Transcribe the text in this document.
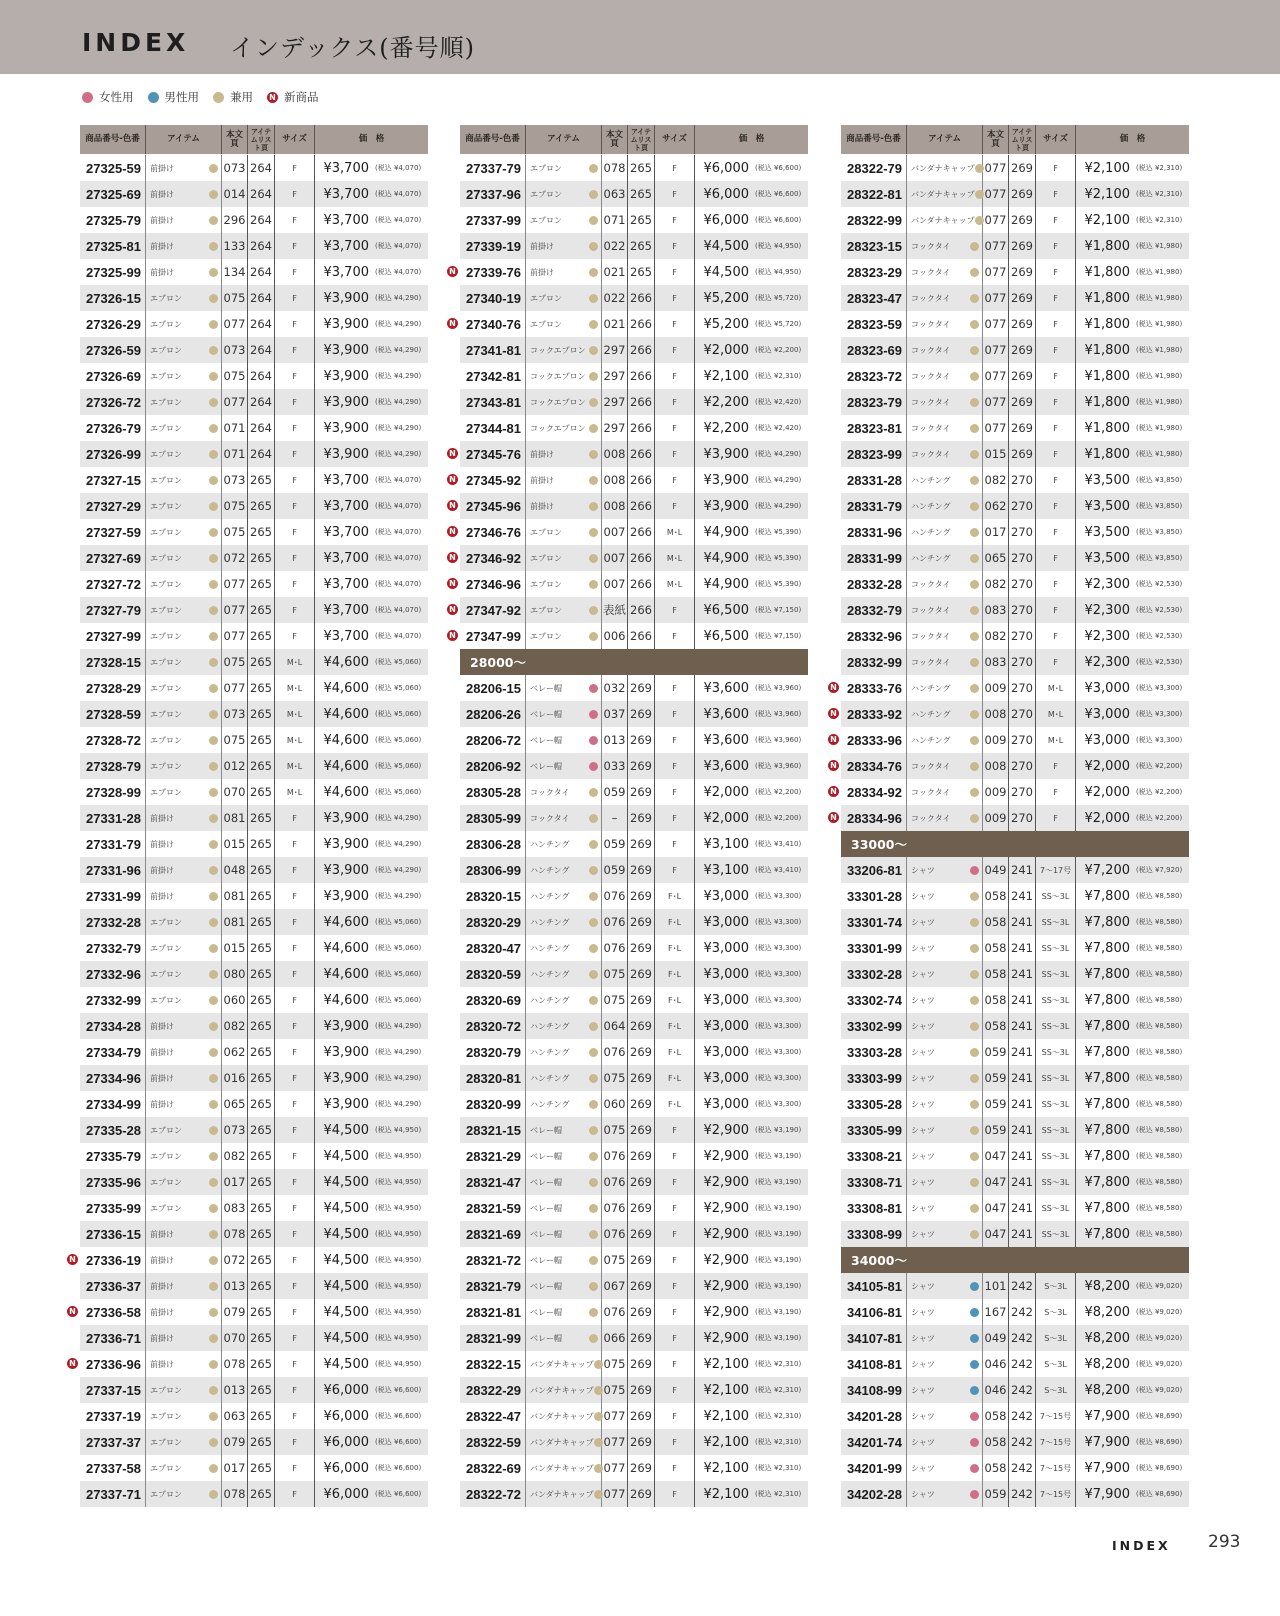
INDEX インデックス(番号順)
女性用	男性用	兼用 N 新商品
商品番号-色番	アイテム	本文頁
アイテムリスト頁
サイズ	価　格
27325-59	前掛け	073 264	F	¥3,700 (税込 ¥4,070)
27325-69	前掛け	014 264	F	¥3,700 (税込 ¥4,070)
27325-79	前掛け	296 264	F	¥3,700 (税込 ¥4,070)
27325-81	前掛け	133 264	F	¥3,700 (税込 ¥4,070)
27325-99	前掛け	134 264	F	¥3,700 (税込 ¥4,070)
27326-15	エプロン	075 264	F	¥3,900 (税込 ¥4,290)
27326-29	エプロン	077 264	F	¥3,900 (税込 ¥4,290)
27326-59	エプロン	073 264	F	¥3,900 (税込 ¥4,290)
27326-69	エプロン	075 264	F	¥3,900 (税込 ¥4,290)
27326-72	エプロン	077 264	F	¥3,900 (税込 ¥4,290)
27326-79	エプロン	071 264	F	¥3,900 (税込 ¥4,290)
27326-99	エプロン	071 264	F	¥3,900 (税込 ¥4,290)
27327-15	エプロン	073 265	F	¥3,700 (税込 ¥4,070)
27327-29	エプロン	075 265	F	¥3,700 (税込 ¥4,070)
27327-59	エプロン	075 265	F	¥3,700 (税込 ¥4,070)
27327-69	エプロン	072 265	F	¥3,700 (税込 ¥4,070)
27327-72	エプロン	077 265	F	¥3,700 (税込 ¥4,070)
27327-79	エプロン	077 265	F	¥3,700 (税込 ¥4,070)
27327-99	エプロン	077 265	F	¥3,700 (税込 ¥4,070)
27328-15	エプロン	075 265	M･L	¥4,600 (税込 ¥5,060)
27328-29	エプロン	077 265	M･L	¥4,600 (税込 ¥5,060)
27328-59	エプロン	073 265	M･L	¥4,600 (税込 ¥5,060)
27328-72	エプロン	075 265	M･L	¥4,600 (税込 ¥5,060)
27328-79	エプロン	012 265	M･L	¥4,600 (税込 ¥5,060)
27328-99	エプロン	070 265	M･L	¥4,600 (税込 ¥5,060)
27331-28	前掛け	081 265	F	¥3,900 (税込 ¥4,290)
27331-79	前掛け	015 265	F	¥3,900 (税込 ¥4,290)
27331-96	前掛け	048 265	F	¥3,900 (税込 ¥4,290)
27331-99	前掛け	081 265	F	¥3,900 (税込 ¥4,290)
27332-28	エプロン	081 265	F	¥4,600 (税込 ¥5,060)
27332-79	エプロン	015 265	F	¥4,600 (税込 ¥5,060)
27332-96	エプロン	080 265	F	¥4,600 (税込 ¥5,060)
27332-99	エプロン	060 265	F	¥4,600 (税込 ¥5,060)
27334-28	前掛け	082 265	F	¥3,900 (税込 ¥4,290)
27334-79	前掛け	062 265	F	¥3,900 (税込 ¥4,290)
27334-96	前掛け	016 265	F	¥3,900 (税込 ¥4,290)
27334-99	前掛け	065 265	F	¥3,900 (税込 ¥4,290)
27335-28	エプロン	073 265	F	¥4,500 (税込 ¥4,950)
27335-79	エプロン	082 265	F	¥4,500 (税込 ¥4,950)
27335-96	エプロン	017 265	F	¥4,500 (税込 ¥4,950)
27335-99	エプロン	083 265	F	¥4,500 (税込 ¥4,950)
27336-15	前掛け	078 265	F	¥4,500 (税込 ¥4,950)
N 27336-19	前掛け	072 265	F	¥4,500 (税込 ¥4,950)
27336-37	前掛け	013 265	F	¥4,500 (税込 ¥4,950)
N 27336-58	前掛け	079 265	F	¥4,500 (税込 ¥4,950)
27336-71	前掛け	070 265	F	¥4,500 (税込 ¥4,950)
N 27336-96	前掛け	078 265	F	¥4,500 (税込 ¥4,950)
27337-15	エプロン	013 265	F	¥6,000 (税込 ¥6,600)
27337-19	エプロン	063 265	F	¥6,000 (税込 ¥6,600)
27337-37	エプロン	079 265	F	¥6,000 (税込 ¥6,600)
27337-58	エプロン	017 265	F	¥6,000 (税込 ¥6,600)
27337-71	エプロン	078 265	F	¥6,000 (税込 ¥6,600)
商品番号-色番	アイテム	本文頁
アイテムリスト頁
サイズ	価　格
27337-79	エプロン	078 265	F	¥6,000 (税込 ¥6,600)
27337-96	エプロン	063 265	F	¥6,000 (税込 ¥6,600)
27337-99	エプロン	071 265	F	¥6,000 (税込 ¥6,600)
27339-19	前掛け	022 265	F	¥4,500 (税込 ¥4,950)
N 27339-76	前掛け	021 265	F	¥4,500 (税込 ¥4,950)
27340-19	エプロン	022 266	F	¥5,200 (税込 ¥5,720)
N 27340-76	エプロン	021 266	F	¥5,200 (税込 ¥5,720)
27341-81	コックエプロン 297 266	F	¥2,000 (税込 ¥2,200)
27342-81	コックエプロン 297 266	F	¥2,100 (税込 ¥2,310)
27343-81	コックエプロン 297 266	F	¥2,200 (税込 ¥2,420)
27344-81	コックエプロン 297 266	F	¥2,200 (税込 ¥2,420)
N 27345-76	前掛け	008 266	F	¥3,900 (税込 ¥4,290)
N 27345-92	前掛け	008 266	F	¥3,900 (税込 ¥4,290)
N 27345-96	前掛け	008 266	F	¥3,900 (税込 ¥4,290)
N 27346-76	エプロン	007 266	M･L	¥4,900 (税込 ¥5,390)
N 27346-92	エプロン	007 266	M･L	¥4,900 (税込 ¥5,390)
N 27346-96	エプロン	007 266	M･L	¥4,900 (税込 ¥5,390)
N 27347-92	エプロン	表紙 266	F	¥6,500 (税込 ¥7,150)
N 27347-99	エプロン	006 266	F	¥6,500 (税込 ¥7,150)
28000～
28206-15	ベレー帽	032 269	F	¥3,600 (税込 ¥3,960)
28206-26	ベレー帽	037 269	F	¥3,600 (税込 ¥3,960)
28206-72	ベレー帽	013 269	F	¥3,600 (税込 ¥3,960)
28206-92	ベレー帽	033 269	F	¥3,600 (税込 ¥3,960)
28305-28	コックタイ	059 269	F	¥2,000 (税込 ¥2,200)
28305-99	コックタイ	–	269	F	¥2,000 (税込 ¥2,200)
28306-28	ハンチング	059 269	F	¥3,100 (税込 ¥3,410)
28306-99	ハンチング	059 269	F	¥3,100 (税込 ¥3,410)
28320-15	ハンチング	076 269	F･L	¥3,000 (税込 ¥3,300)
28320-29	ハンチング	076 269	F･L	¥3,000 (税込 ¥3,300)
28320-47	ハンチング	076 269	F･L	¥3,000 (税込 ¥3,300)
28320-59	ハンチング	075 269	F･L	¥3,000 (税込 ¥3,300)
28320-69	ハンチング	075 269	F･L	¥3,000 (税込 ¥3,300)
28320-72	ハンチング	064 269	F･L	¥3,000 (税込 ¥3,300)
28320-79	ハンチング	076 269	F･L	¥3,000 (税込 ¥3,300)
28320-81	ハンチング	075 269	F･L	¥3,000 (税込 ¥3,300)
28320-99	ハンチング	060 269	F･L	¥3,000 (税込 ¥3,300)
28321-15	ベレー帽	075 269	F	¥2,900 (税込 ¥3,190)
28321-29	ベレー帽	076 269	F	¥2,900 (税込 ¥3,190)
28321-47	ベレー帽	076 269	F	¥2,900 (税込 ¥3,190)
28321-59	ベレー帽	076 269	F	¥2,900 (税込 ¥3,190)
28321-69	ベレー帽	076 269	F	¥2,900 (税込 ¥3,190)
28321-72	ベレー帽	075 269	F	¥2,900 (税込 ¥3,190)
28321-79	ベレー帽	067 269	F	¥2,900 (税込 ¥3,190)
28321-81	ベレー帽	076 269	F	¥2,900 (税込 ¥3,190)
28321-99	ベレー帽	066 269	F	¥2,900 (税込 ¥3,190)
28322-15	バンダナキャップ 075 269	F	¥2,100 (税込 ¥2,310)
28322-29	バンダナキャップ 075 269	F	¥2,100 (税込 ¥2,310)
28322-47	バンダナキャップ 077 269	F	¥2,100 (税込 ¥2,310)
28322-59	バンダナキャップ 077 269	F	¥2,100 (税込 ¥2,310)
28322-69	バンダナキャップ 077 269	F	¥2,100 (税込 ¥2,310)
28322-72	バンダナキャップ 077 269	F	¥2,100 (税込 ¥2,310)
商品番号-色番	アイテム	本文頁
アイテムリスト頁
サイズ	価　格
28322-79	バンダナキャップ 077 269	F	¥2,100 (税込 ¥2,310)
28322-81	バンダナキャップ 077 269	F	¥2,100 (税込 ¥2,310)
28322-99	バンダナキャップ 077 269	F	¥2,100 (税込 ¥2,310)
28323-15	コックタイ	077 269	F	¥1,800 (税込 ¥1,980)
28323-29	コックタイ	077 269	F	¥1,800 (税込 ¥1,980)
28323-47	コックタイ	077 269	F	¥1,800 (税込 ¥1,980)
28323-59	コックタイ	077 269	F	¥1,800 (税込 ¥1,980)
28323-69	コックタイ	077 269	F	¥1,800 (税込 ¥1,980)
28323-72	コックタイ	077 269	F	¥1,800 (税込 ¥1,980)
28323-79	コックタイ	077 269	F	¥1,800 (税込 ¥1,980)
28323-81	コックタイ	077 269	F	¥1,800 (税込 ¥1,980)
28323-99	コックタイ	015 269	F	¥1,800 (税込 ¥1,980)
28331-28	ハンチング	082 270	F	¥3,500 (税込 ¥3,850)
28331-79	ハンチング	062 270	F	¥3,500 (税込 ¥3,850)
28331-96	ハンチング	017 270	F	¥3,500 (税込 ¥3,850)
28331-99	ハンチング	065 270	F	¥3,500 (税込 ¥3,850)
28332-28	コックタイ	082 270	F	¥2,300 (税込 ¥2,530)
28332-79	コックタイ	083 270	F	¥2,300 (税込 ¥2,530)
28332-96	コックタイ	082 270	F	¥2,300 (税込 ¥2,530)
28332-99	コックタイ	083 270	F	¥2,300 (税込 ¥2,530)
N 28333-76	ハンチング	009 270	M･L	¥3,000 (税込 ¥3,300)
N 28333-92	ハンチング	008 270	M･L	¥3,000 (税込 ¥3,300)
N 28333-96	ハンチング	009 270	M･L	¥3,000 (税込 ¥3,300)
N 28334-76	コックタイ	008 270	F	¥2,000 (税込 ¥2,200)
N 28334-92	コックタイ	009 270	F	¥2,000 (税込 ¥2,200)
N 28334-96	コックタイ	009 270	F	¥2,000 (税込 ¥2,200)
33000～
33206-81	シャツ	049 241 7～17号	¥7,200 (税込 ¥7,920)
33301-28	シャツ	058 241	SS～3L	¥7,800 (税込 ¥8,580)
33301-74	シャツ	058 241	SS～3L	¥7,800 (税込 ¥8,580)
33301-99	シャツ	058 241	SS～3L	¥7,800 (税込 ¥8,580)
33302-28	シャツ	058 241	SS～3L	¥7,800 (税込 ¥8,580)
33302-74	シャツ	058 241	SS～3L	¥7,800 (税込 ¥8,580)
33302-99	シャツ	058 241	SS～3L	¥7,800 (税込 ¥8,580)
33303-28	シャツ	059 241	SS～3L	¥7,800 (税込 ¥8,580)
33303-99	シャツ	059 241	SS～3L	¥7,800 (税込 ¥8,580)
33305-28	シャツ	059 241	SS～3L	¥7,800 (税込 ¥8,580)
33305-99	シャツ	059 241	SS～3L	¥7,800 (税込 ¥8,580)
33308-21	シャツ	047 241	SS～3L	¥7,800 (税込 ¥8,580)
33308-71	シャツ	047 241	SS～3L	¥7,800 (税込 ¥8,580)
33308-81	シャツ	047 241	SS～3L	¥7,800 (税込 ¥8,580)
33308-99	シャツ	047 241	SS～3L	¥7,800 (税込 ¥8,580)
34000～
34105-81	シャツ	101 242	S～3L	¥8,200 (税込 ¥9,020)
34106-81	シャツ	167 242	S～3L	¥8,200 (税込 ¥9,020)
34107-81	シャツ	049 242	S～3L	¥8,200 (税込 ¥9,020)
34108-81	シャツ	046 242	S～3L	¥8,200 (税込 ¥9,020)
34108-99	シャツ	046 242	S～3L	¥8,200 (税込 ¥9,020)
34201-28	シャツ	058 242 7～15号	¥7,900 (税込 ¥8,690)
34201-74	シャツ	058 242 7～15号	¥7,900 (税込 ¥8,690)
34201-99	シャツ	058 242 7～15号	¥7,900 (税込 ¥8,690)
34202-28	シャツ	059 242 7～15号	¥7,900 (税込 ¥8,690)
INDEX 293
